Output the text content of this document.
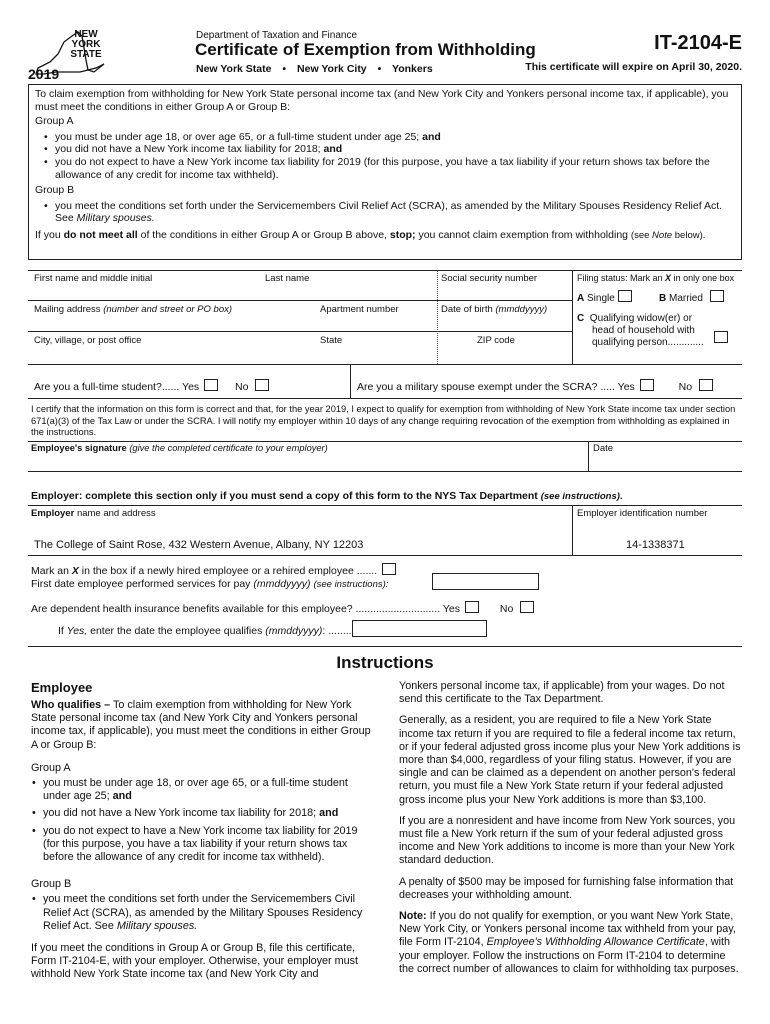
NEW
YORK
STATE
2019
Department of Taxation and Finance
Certificate of Exemption from Withholding
New York State • New York City • Yonkers
IT-2104-E
This certificate will expire on April 30, 2020.
To claim exemption from withholding for New York State personal income tax (and New York City and Yonkers personal income tax, if applicable), you must meet the conditions in either Group A or Group B:
Group A
• you must be under age 18, or over age 65, or a full-time student under age 25; and
• you did not have a New York income tax liability for 2018; and
• you do not expect to have a New York income tax liability for 2019 (for this purpose, you have a tax liability if your return shows tax before the allowance of any credit for income tax withheld).
Group B
• you meet the conditions set forth under the Servicemembers Civil Relief Act (SCRA), as amended by the Military Spouses Residency Relief Act. See Military spouses.
If you do not meet all of the conditions in either Group A or Group B above, stop; you cannot claim exemption from withholding (see Note below).
First name and middle initial	Last name	Social security number
Mailing address (number and street or PO box)	Apartment number	Date of birth (mmddyyyy)
City, village, or post office	State	ZIP code
Filing status: Mark an X in only one box
A Single	B Married
C Qualifying widow(er) or
head of household with
qualifying person.............
Are you a full-time student?...... Yes	No	Are you a military spouse exempt under the SCRA? ..... Yes	No
I certify that the information on this form is correct and that, for the year 2019, I expect to qualify for exemption from withholding of New York State income tax under section 671(a)(3) of the Tax Law or under the SCRA. I will notify my employer within 10 days of any change requiring revocation of the exemption from withholding as explained in the instructions.
Employee's signature (give the completed certificate to your employer)	Date
Employer: complete this section only if you must send a copy of this form to the NYS Tax Department (see instructions).
Employer name and address	Employer identification number
The College of Saint Rose, 432 Western Avenue, Albany, NY 12203	14-1338371
Mark an X in the box if a newly hired employee or a rehired employee .......
First date employee performed services for pay (mmddyyyy) (see instructions):
Are dependent health insurance benefits available for this employee? ............................. Yes	No
If Yes, enter the date the employee qualifies (mmddyyyy): ........
Instructions
Employee

Who qualifies – To claim exemption from withholding for New York State personal income tax (and New York City and Yonkers personal income tax, if applicable), you must meet the conditions in either Group A or Group B:

Group A

• you must be under age 18, or over age 65, or a full-time student under age 25; and
• you did not have a New York income tax liability for 2018; and
• you do not expect to have a New York income tax liability for 2019 (for this purpose, you have a tax liability if your return shows tax before the allowance of any credit for income tax withheld).

Group B

• you meet the conditions set forth under the Servicemembers Civil Relief Act (SCRA), as amended by the Military Spouses Residency Relief Act. See Military spouses.

If you meet the conditions in Group A or Group B, file this certificate, Form IT-2104-E, with your employer. Otherwise, your employer must withhold New York State income tax (and New York City and

Yonkers personal income tax, if applicable) from your wages. Do not send this certificate to the Tax Department.

Generally, as a resident, you are required to file a New York State income tax return if you are required to file a federal income tax return, or if your federal adjusted gross income plus your New York additions is more than $4,000, regardless of your filing status. However, if you are single and can be claimed as a dependent on another person's federal return, you must file a New York State return if your federal adjusted gross income plus your New York additions is more than $3,100.

If you are a nonresident and have income from New York sources, you must file a New York return if the sum of your federal adjusted gross income and New York additions to income is more than your New York standard deduction.

A penalty of $500 may be imposed for furnishing false information that decreases your withholding amount.

Note: If you do not qualify for exemption, or you want New York State, New York City, or Yonkers personal income tax withheld from your pay, file Form IT-2104, Employee's Withholding Allowance Certificate, with your employer. Follow the instructions on Form IT-2104 to determine the correct number of allowances to claim for withholding tax purposes.
